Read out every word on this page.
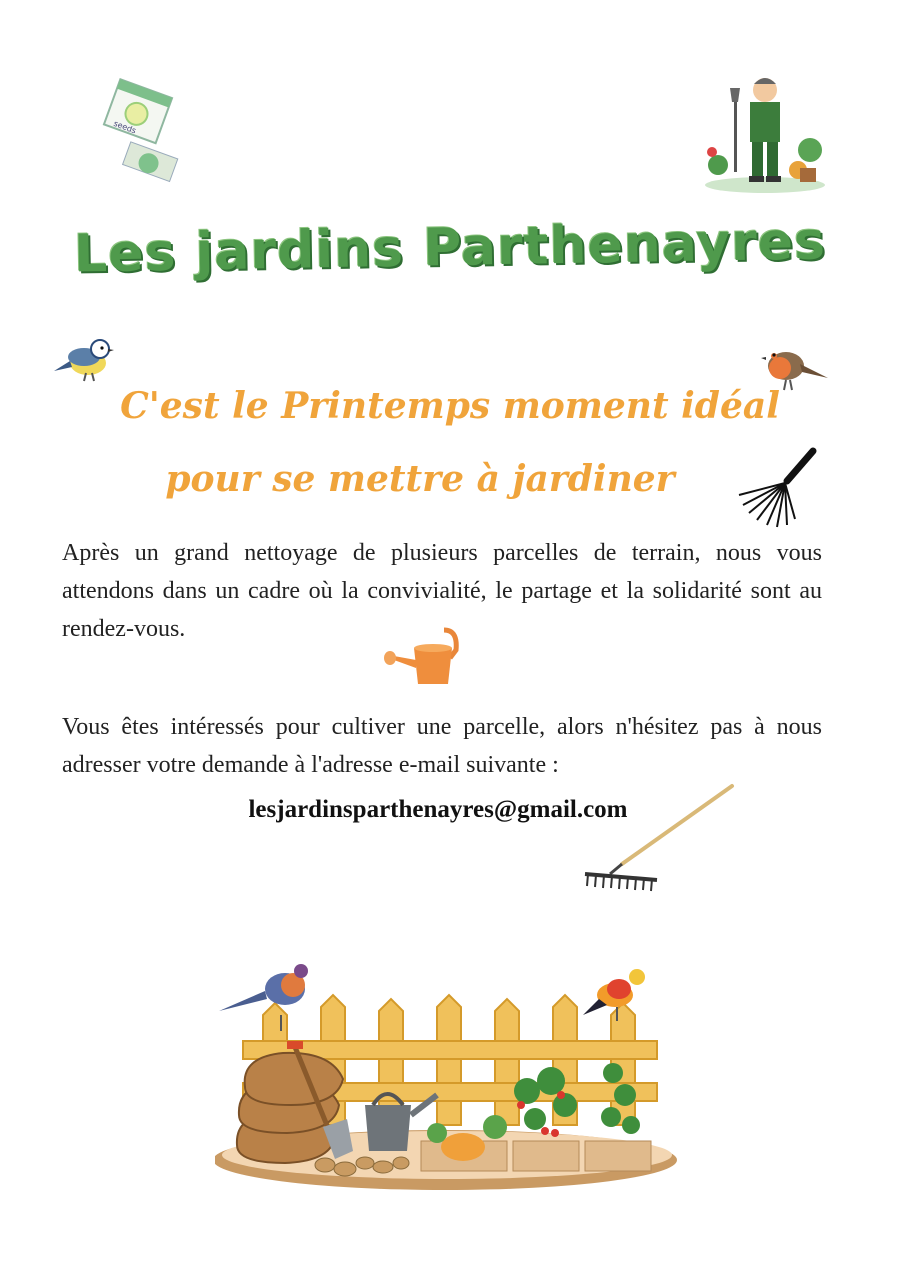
seeds
Les jardins Parthenayres
C'est le Printemps moment idéal
pour se mettre à jardiner
Après un grand nettoyage de plusieurs parcelles de terrain, nous vous attendons dans un cadre où la convivialité, le partage et la solidarité sont au rendez-vous.
Vous êtes intéressés pour cultiver une parcelle, alors n'hésitez pas à nous adresser votre demande à l'adresse e-mail suivante :
lesjardinsparthenayres@gmail.com
